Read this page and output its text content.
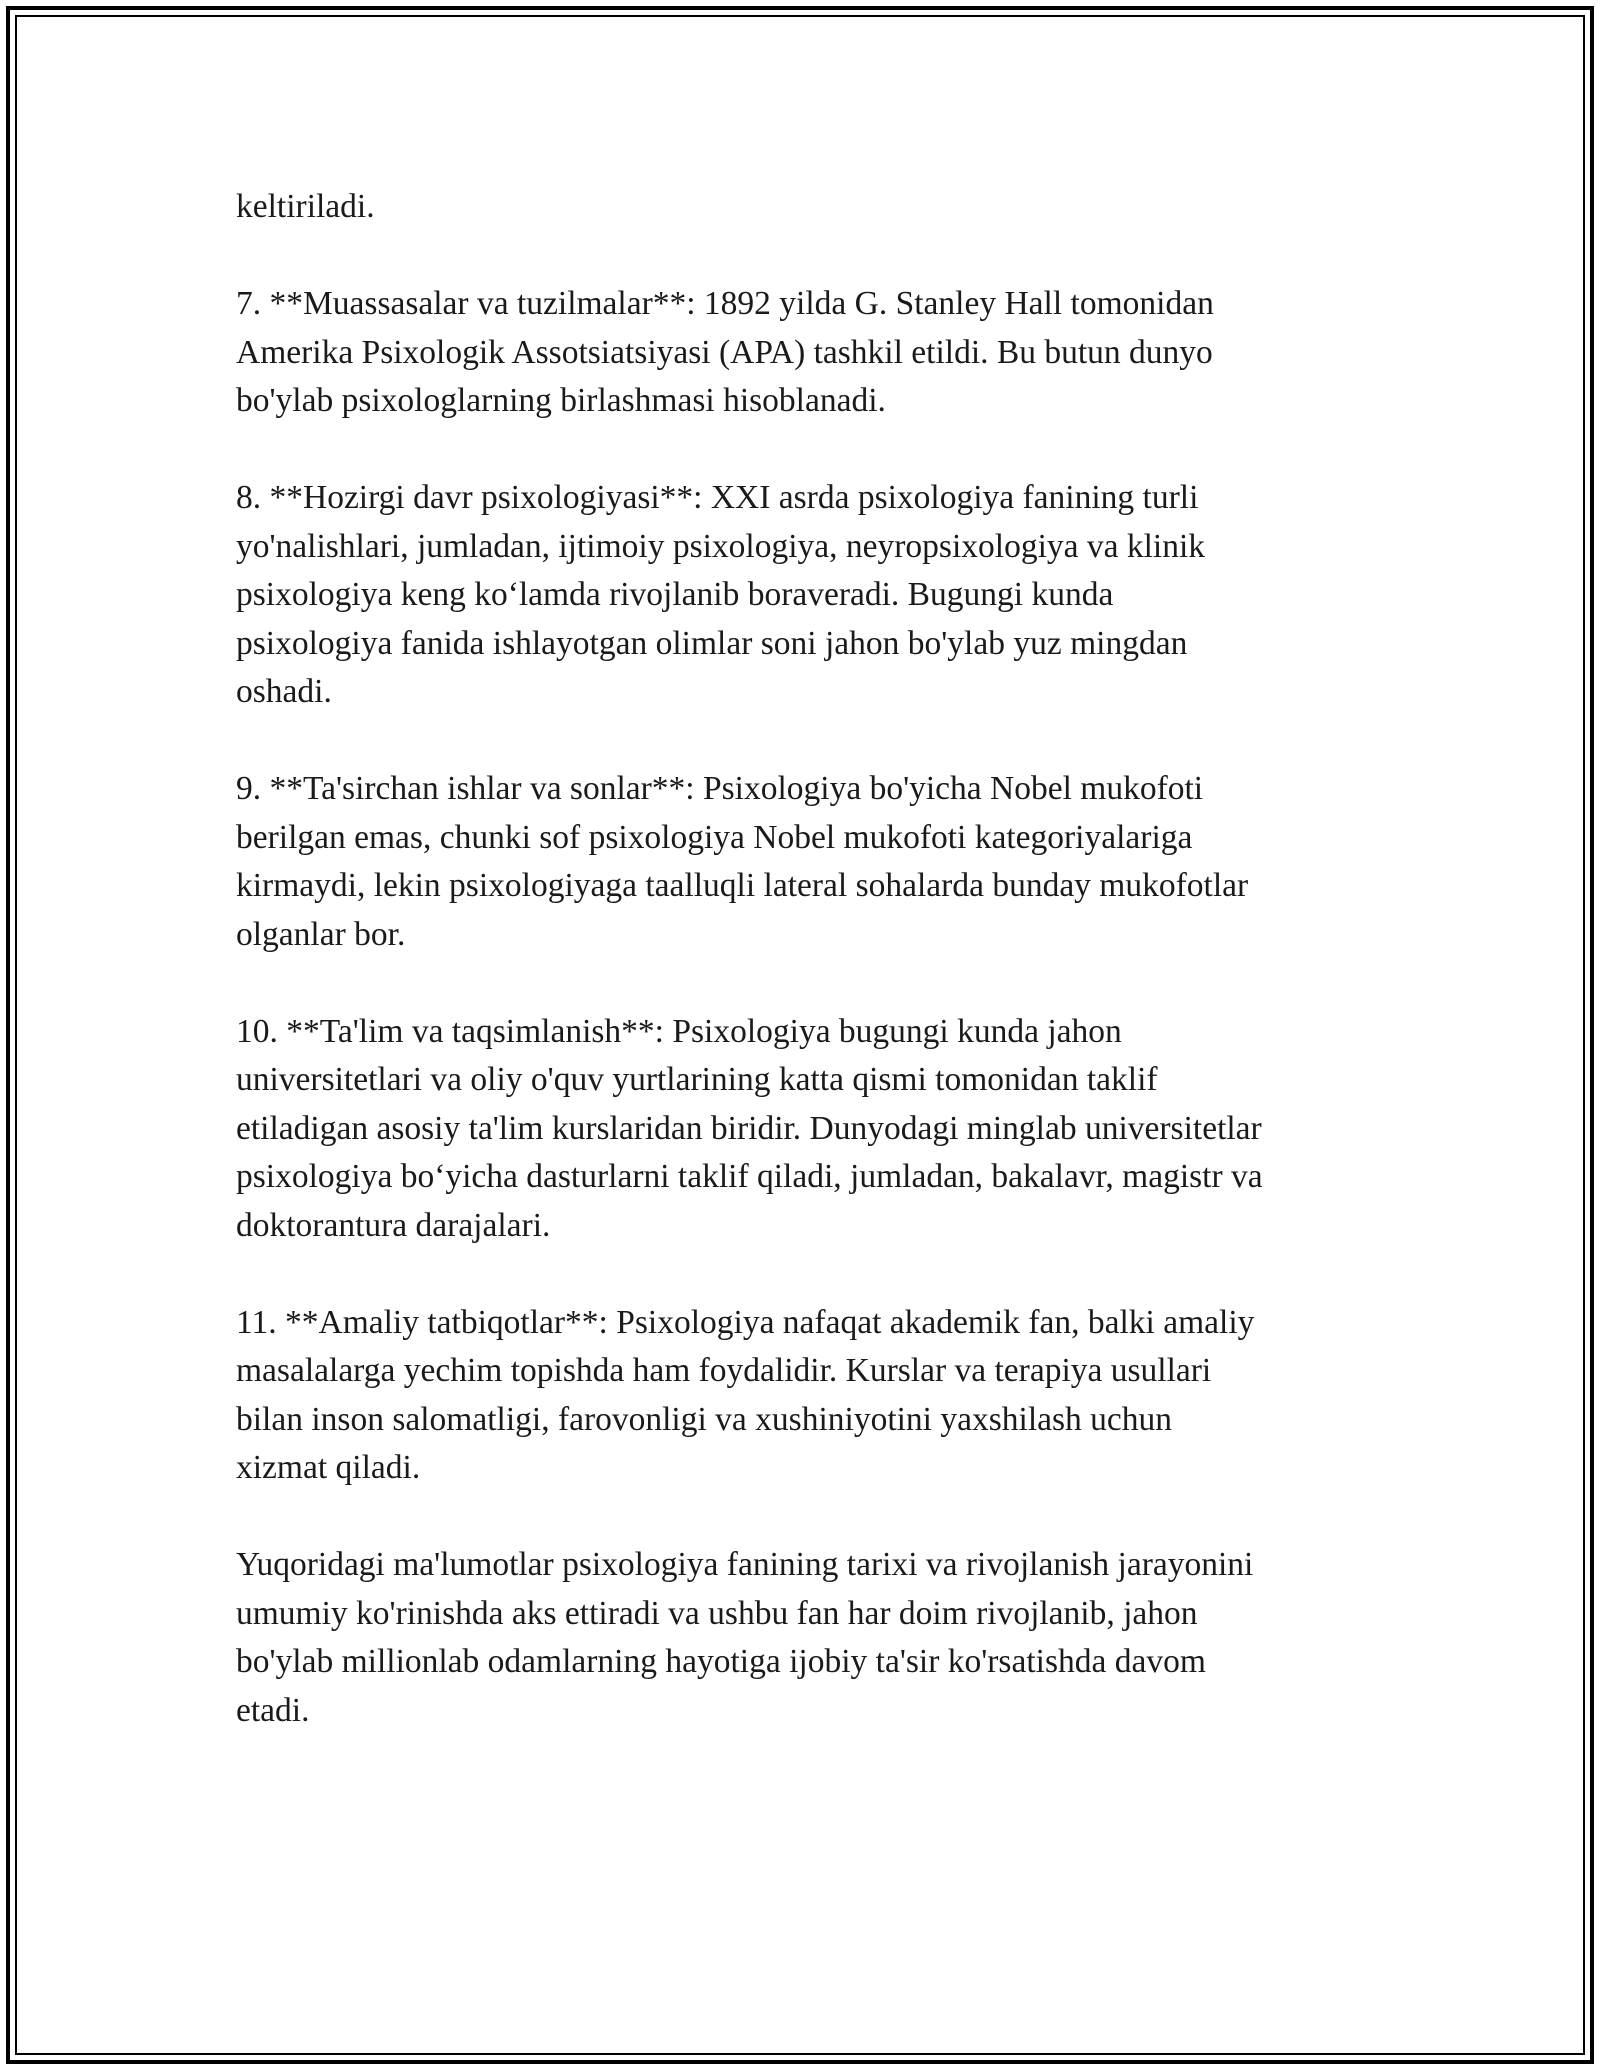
keltiriladi.

7. **Muassasalar va tuzilmalar**: 1892 yilda G. Stanley Hall tomonidan
Amerika Psixologik Assotsiatsiyasi (APA) tashkil etildi. Bu butun dunyo
bo'ylab psixologlarning birlashmasi hisoblanadi.

8. **Hozirgi davr psixologiyasi**: XXI asrda psixologiya fanining turli
yo'nalishlari, jumladan, ijtimoiy psixologiya, neyropsixologiya va klinik
psixologiya keng ko‘lamda rivojlanib boraveradi. Bugungi kunda
psixologiya fanida ishlayotgan olimlar soni jahon bo'ylab yuz mingdan
oshadi.

9. **Ta'sirchan ishlar va sonlar**: Psixologiya bo'yicha Nobel mukofoti
berilgan emas, chunki sof psixologiya Nobel mukofoti kategoriyalariga
kirmaydi, lekin psixologiyaga taalluqli lateral sohalarda bunday mukofotlar
olganlar bor.

10. **Ta'lim va taqsimlanish**: Psixologiya bugungi kunda jahon
universitetlari va oliy o'quv yurtlarining katta qismi tomonidan taklif
etiladigan asosiy ta'lim kurslaridan biridir. Dunyodagi minglab universitetlar
psixologiya bo‘yicha dasturlarni taklif qiladi, jumladan, bakalavr, magistr va
doktorantura darajalari.

11. **Amaliy tatbiqotlar**: Psixologiya nafaqat akademik fan, balki amaliy
masalalarga yechim topishda ham foydalidir. Kurslar va terapiya usullari
bilan inson salomatligi, farovonligi va xushiniyotini yaxshilash uchun
xizmat qiladi.

Yuqoridagi ma'lumotlar psixologiya fanining tarixi va rivojlanish jarayonini
umumiy ko'rinishda aks ettiradi va ushbu fan har doim rivojlanib, jahon
bo'ylab millionlab odamlarning hayotiga ijobiy ta'sir ko'rsatishda davom
etadi.
